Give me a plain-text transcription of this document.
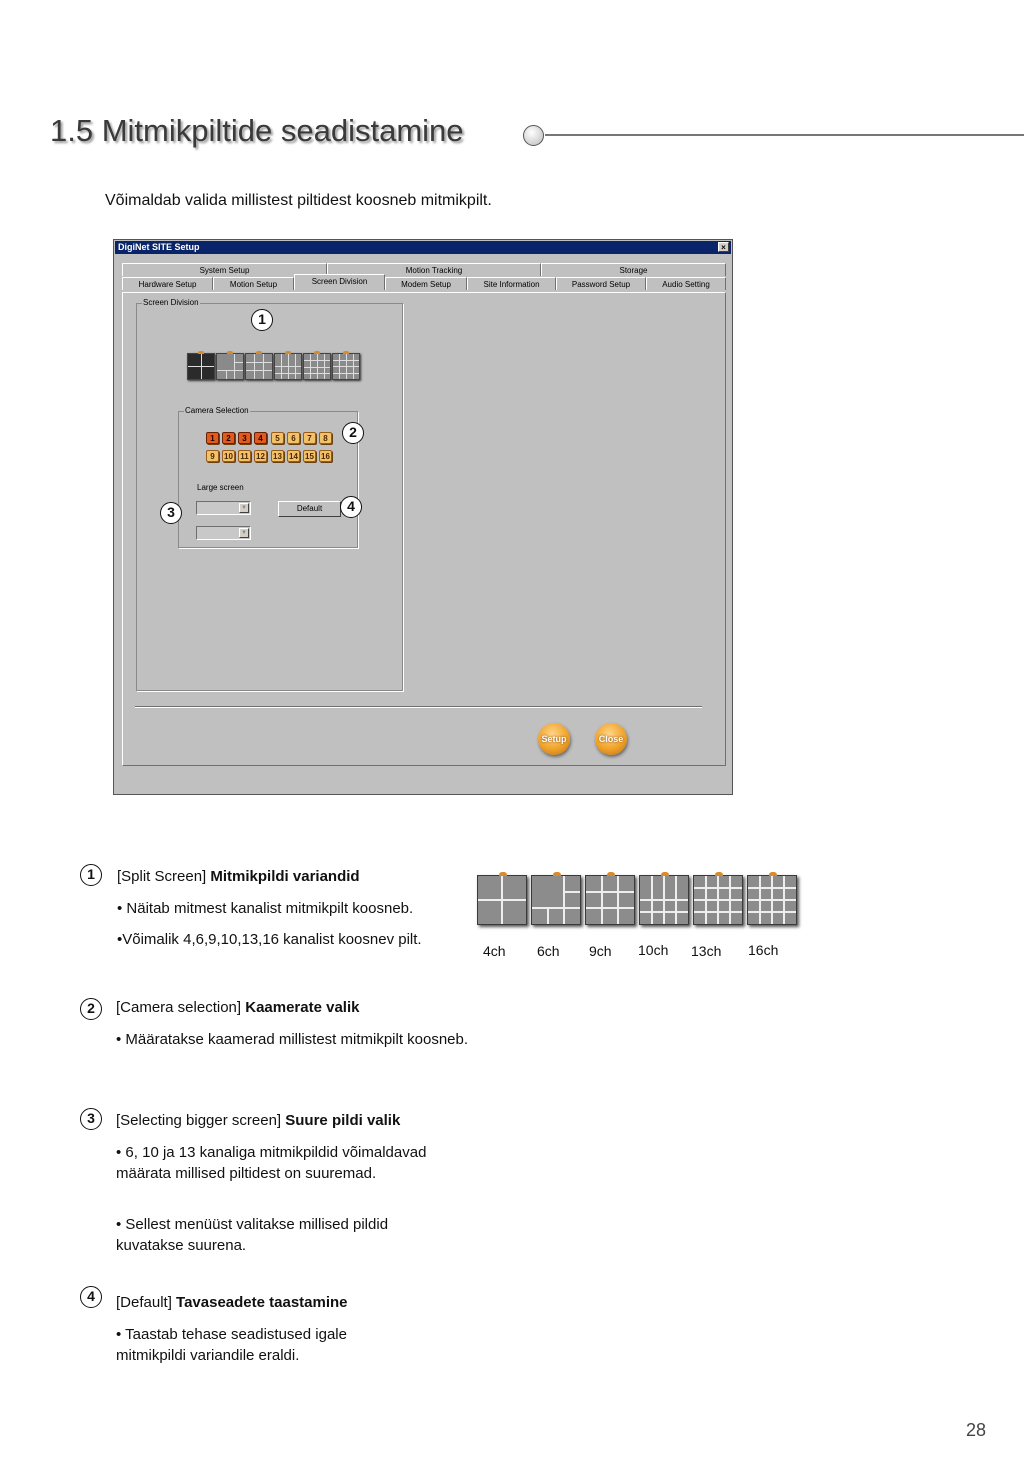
1.5 Mitmikpiltide seadistamine
Võimaldab valida millistest piltidest koosneb mitmikpilt.
DigiNet SITE Setup	×
System Setup	Motion Tracking	Storage
Hardware Setup	Motion Setup	Screen Division	Modem Setup	Site Information	Password Setup	Audio Setting
Screen Division
Camera Selection
1	2	3	4	5	6	7	8
9	10 11 12 13 14 15 16
Large screen
▼
▼
Default
Setup	Close
1
2
3	4
1	[Split Screen] Mitmikpildi variandid
• Näitab mitmest kanalist mitmikpilt koosneb.
•Võimalik 4,6,9,10,13,16 kanalist koosnev pilt.
4ch 6ch 9ch 10ch 13ch 16ch
2	[Camera selection] Kaamerate valik
• Määratakse kaamerad millistest mitmikpilt koosneb.
3	[Selecting bigger screen] Suure pildi valik
• 6, 10 ja 13 kanaliga mitmikpildid võimaldavad määrata millised piltidest on suuremad.
• Sellest menüüst valitakse millised pildid kuvatakse suurena.
4	[Default] Tavaseadete taastamine
• Taastab tehase seadistused igale mitmikpildi variandile eraldi.
28
